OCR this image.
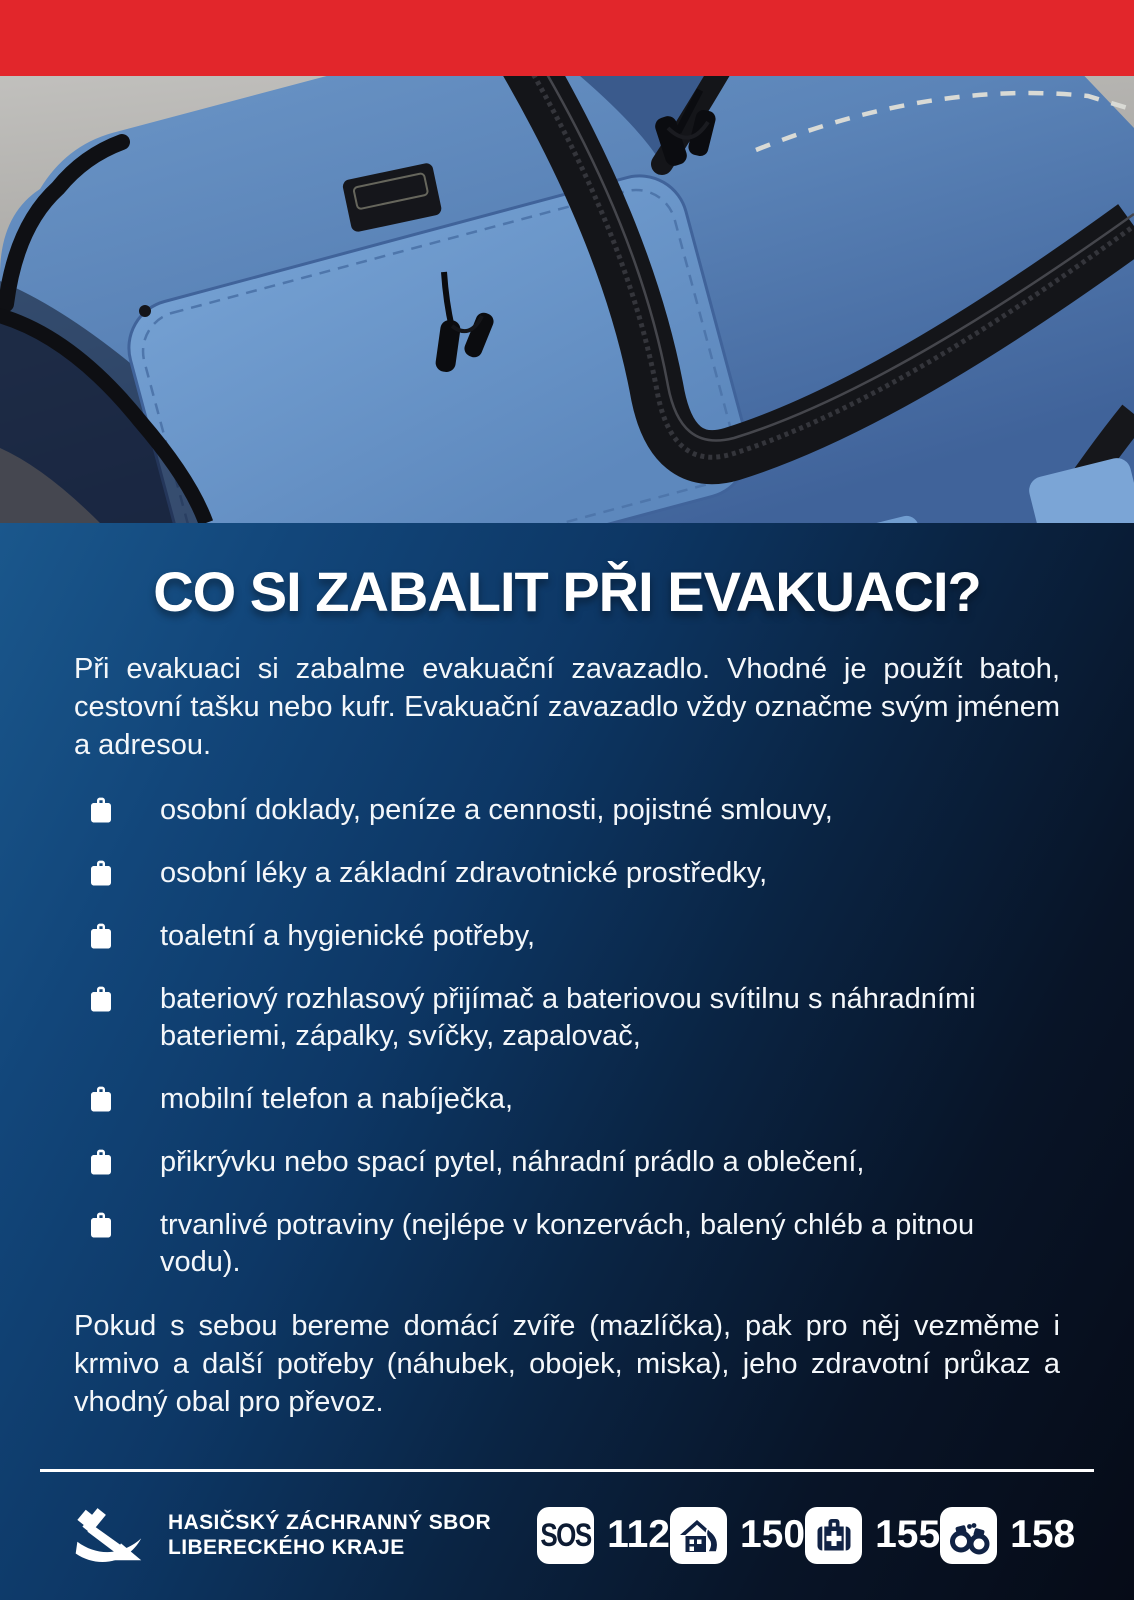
CO SI ZABALIT PŘI EVAKUACI?

Při evakuaci si zabalme evakuační zavazadlo. Vhodné je použít batoh, cestovní tašku nebo kufr. Evakuační zavazadlo vždy označme svým jménem a adresou.

osobní doklady, peníze a cennosti, pojistné smlouvy,
osobní léky a základní zdravotnické prostředky,
toaletní a hygienické potřeby,
bateriový rozhlasový přijímač a bateriovou svítilnu s náhradními bateriemi, zápalky, svíčky, zapalovač,
mobilní telefon a nabíječka,
přikrývku nebo spací pytel, náhradní prádlo a oblečení,
trvanlivé potraviny (nejlépe v konzervách, balený chléb a pitnou vodu).

Pokud s sebou bereme domácí zvíře (mazlíčka), pak pro něj vezměme i krmivo a další potřeby (náhubek, obojek, miska), jeho zdravotní průkaz a vhodný obal pro převoz.

HASIČSKÝ ZÁCHRANNÝ SBOR
LIBERECKÉHO KRAJE	SOS 112 150 155 158
